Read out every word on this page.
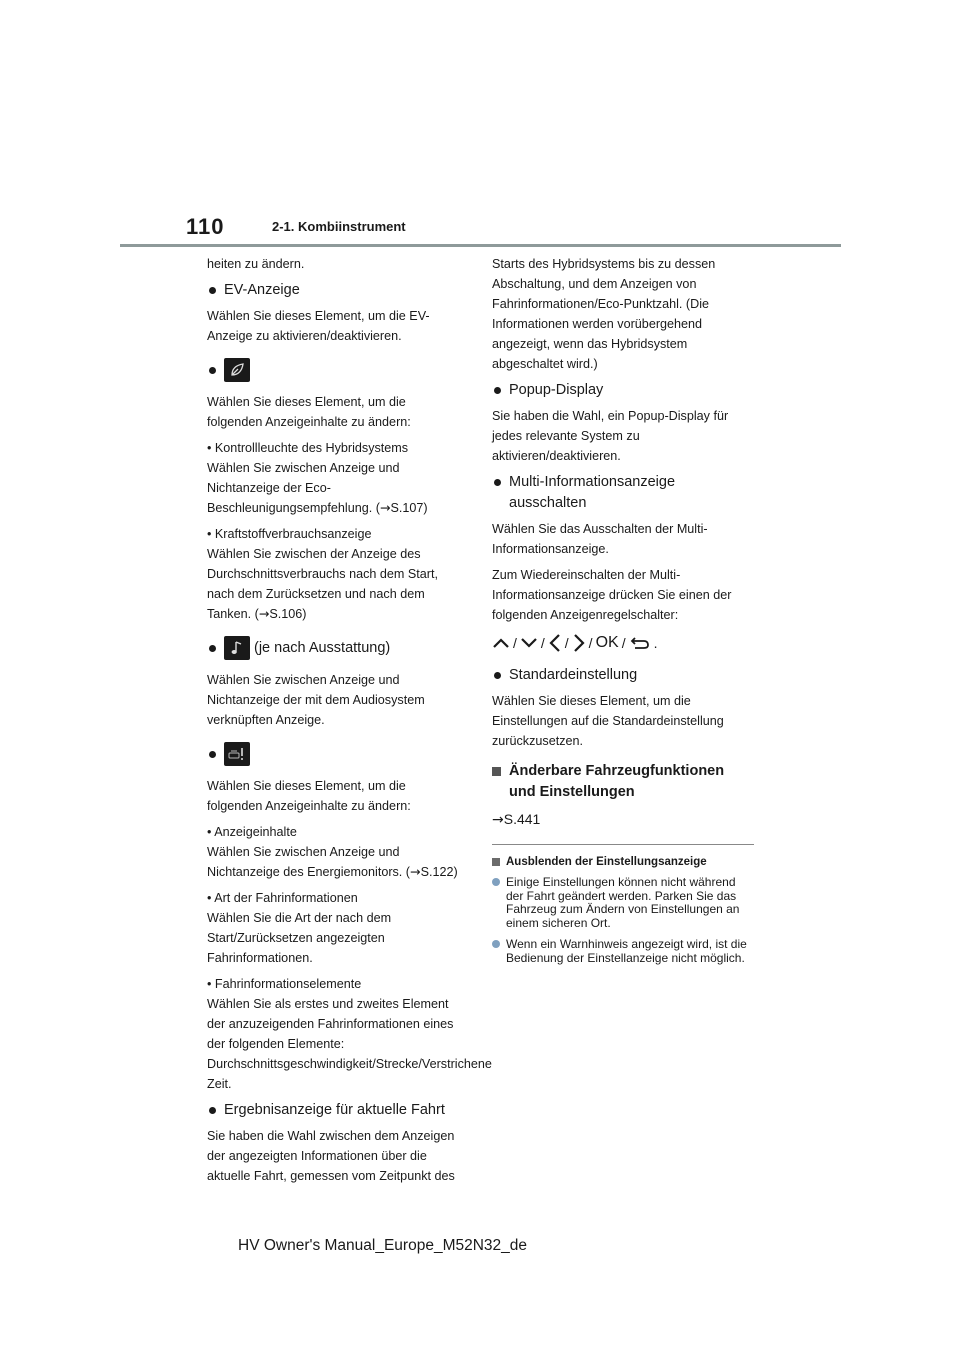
110	2-1. Kombiinstrument

heiten zu ändern.

EV-Anzeige

Wählen Sie dieses Element, um die EV-Anzeige zu aktivieren/deaktivieren.

Wählen Sie dieses Element, um die folgenden Anzeigeinhalte zu ändern:

• Kontrollleuchte des Hybridsystems
Wählen Sie zwischen Anzeige und Nichtanzeige der Eco-Beschleunigungsempfehlung. (→S.107)
• Kraftstoffverbrauchsanzeige
Wählen Sie zwischen der Anzeige des Durchschnittsverbrauchs nach dem Start, nach dem Zurücksetzen und nach dem Tanken. (→S.106)
(je nach Ausstattung)

Wählen Sie zwischen Anzeige und Nichtanzeige der mit dem Audiosystem verknüpften Anzeige.

Wählen Sie dieses Element, um die folgenden Anzeigeinhalte zu ändern:

• Anzeigeinhalte
Wählen Sie zwischen Anzeige und Nichtanzeige des Energiemonitors. (→S.122)
• Art der Fahrinformationen
Wählen Sie die Art der nach dem Start/Zurücksetzen angezeigten Fahrinformationen.
• Fahrinformationselemente
Wählen Sie als erstes und zweites Element der anzuzeigenden Fahrinformationen eines der folgenden Elemente: Durchschnittsgeschwindigkeit/Strecke/Verstrichene Zeit.
Ergebnisanzeige für aktuelle Fahrt

Sie haben die Wahl zwischen dem Anzeigen der angezeigten Informationen über die aktuelle Fahrt, gemessen vom Zeitpunkt des

Starts des Hybridsystems bis zu dessen Abschaltung, und dem Anzeigen von Fahrinformationen/Eco-Punktzahl. (Die Informationen werden vorübergehend angezeigt, wenn das Hybridsystem abgeschaltet wird.)

Popup-Display

Sie haben die Wahl, ein Popup-Display für jedes relevante System zu aktivieren/deaktivieren.

Multi-Informationsanzeige ausschalten

Wählen Sie das Ausschalten der Multi-Informationsanzeige.

Zum Wiedereinschalten der Multi-Informationsanzeige drücken Sie einen der folgenden Anzeigenregelschalter:

/ / / / OK / .
Standardeinstellung

Wählen Sie dieses Element, um die Einstellungen auf die Standardeinstellung zurückzusetzen.

Änderbare Fahrzeugfunktionen und Einstellungen

→S.441

Ausblenden der Einstellungsanzeige
Einige Einstellungen können nicht während der Fahrt geändert werden. Parken Sie das Fahrzeug zum Ändern von Einstellungen an einem sicheren Ort.
Wenn ein Warnhinweis angezeigt wird, ist die Bedienung der Einstellanzeige nicht möglich.
HV Owner's Manual_Europe_M52N32_de
